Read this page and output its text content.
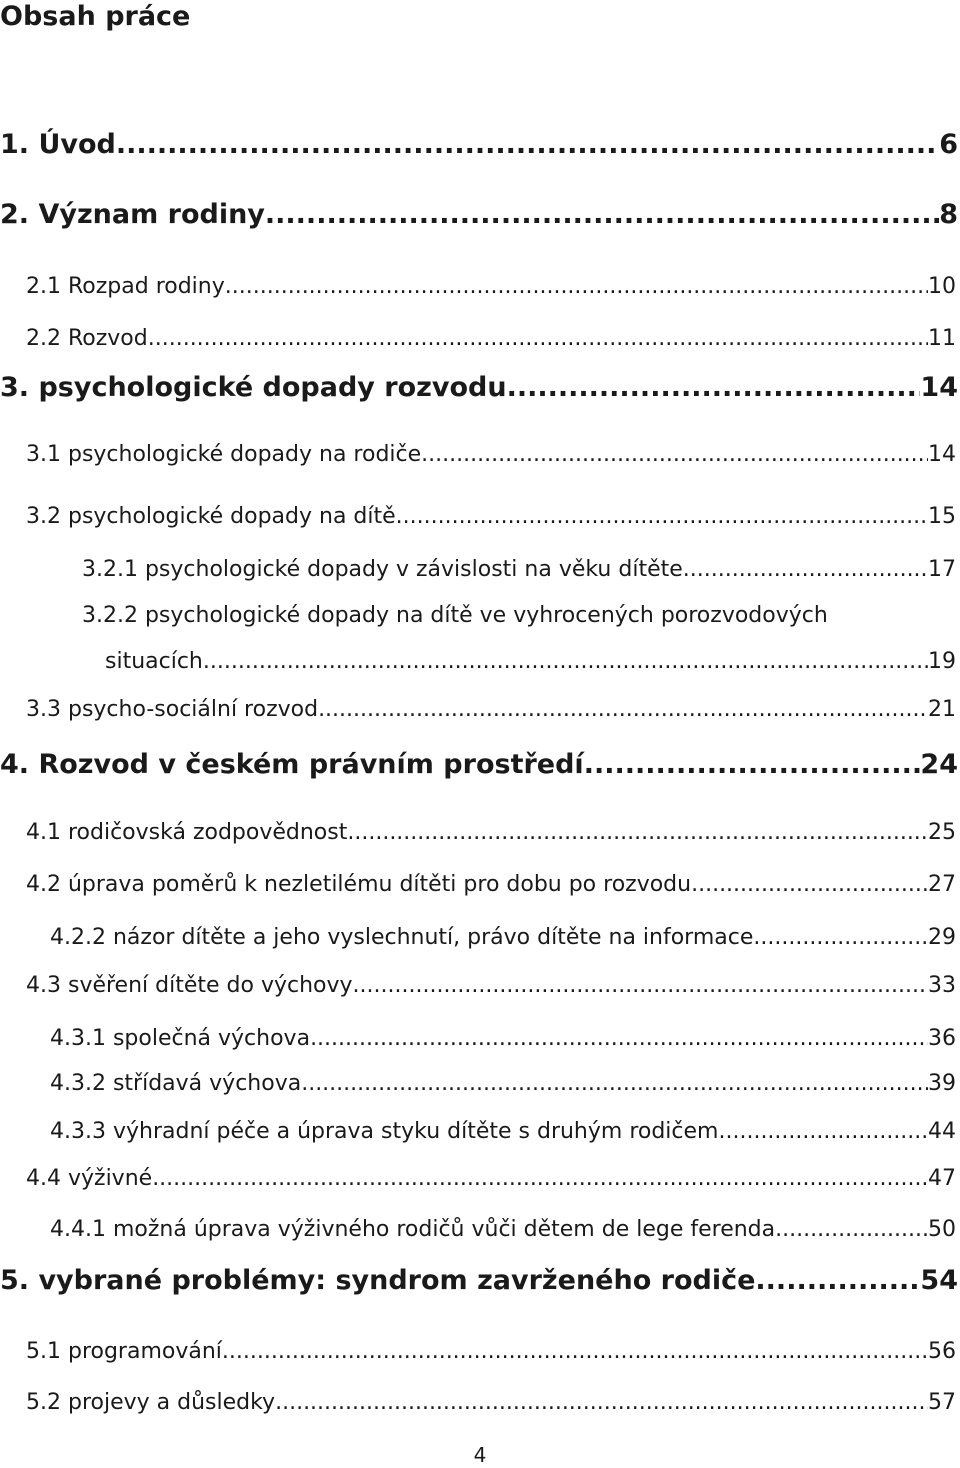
Obsah práce
1. Úvod .....	6
2. Význam rodiny .....	8
2.1 Rozpad rodiny .....	10
2.2 Rozvod .....	11
3. psychologické dopady rozvodu .....	14
3.1 psychologické dopady na rodiče .....	14
3.2 psychologické dopady na dítě .....	15
3.2.1 psychologické dopady v závislosti na věku dítěte .....	17
3.2.2 psychologické dopady na dítě ve vyhrocených porozvodových
situacích .....	19
3.3 psycho-sociální rozvod .....	21
4. Rozvod v českém právním prostředí .....	24
4.1 rodičovská zodpovědnost .....	25
4.2 úprava poměrů k nezletilému dítěti pro dobu po rozvodu .....	27
4.2.2 názor dítěte a jeho vyslechnutí, právo dítěte na informace .....	29
4.3 svěření dítěte do výchovy .....	33
4.3.1 společná výchova .....	36
4.3.2 střídavá výchova .....	39
4.3.3 výhradní péče a úprava styku dítěte s druhým rodičem .....	44
4.4 výživné .....	47
4.4.1 možná úprava výživného rodičů vůči dětem de lege ferenda .....	50
5. vybrané problémy: syndrom zavrženého rodiče .....	54
5.1 programování .....	56
5.2 projevy a důsledky .....	57
4
